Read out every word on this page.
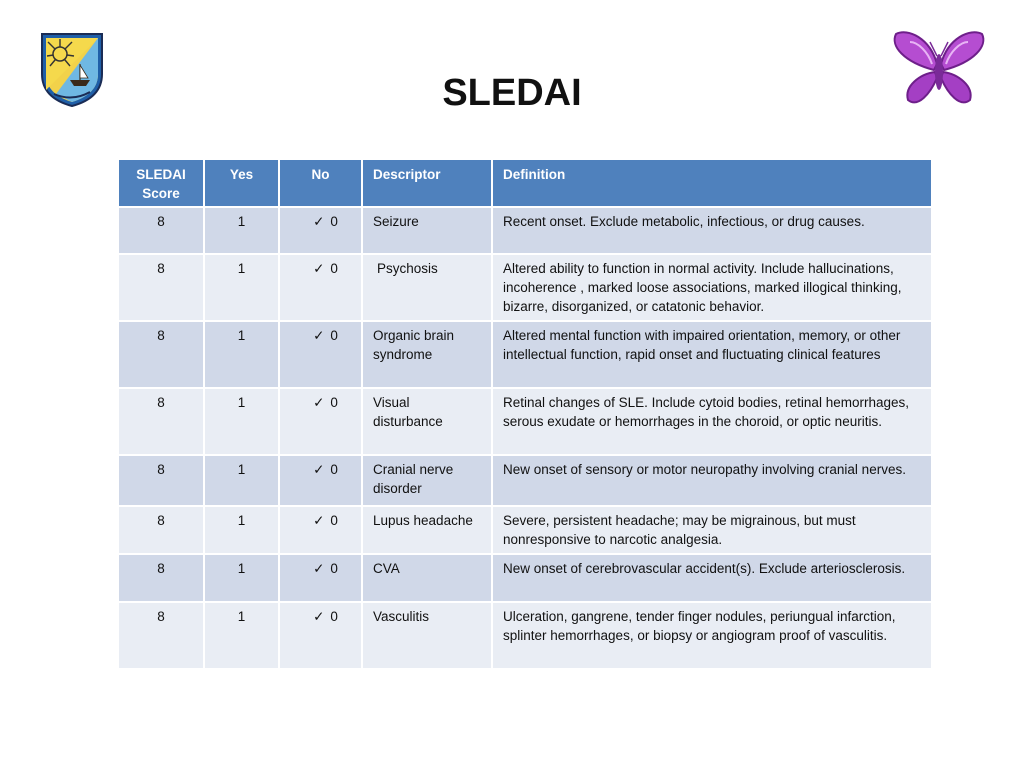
SLEDAI
SLEDAI Score	Yes	No	Descriptor	Definition
8	1	✓ 0	Seizure	Recent onset. Exclude metabolic, infectious, or drug causes.
8	1	✓ 0	Psychosis	Altered ability to function in normal activity. Include hallucinations, incoherence , marked loose associations, marked illogical thinking, bizarre, disorganized, or catatonic behavior.
8	1	✓ 0	Organic brain syndrome	Altered mental function with impaired orientation, memory, or other intellectual function, rapid onset and fluctuating clinical features
8	1	✓ 0	Visual disturbance	Retinal changes of SLE. Include cytoid bodies, retinal hemorrhages, serous exudate or hemorrhages in the choroid, or optic neuritis.
8	1	✓ 0	Cranial nerve disorder	New onset of sensory or motor neuropathy involving cranial nerves.
8	1	✓ 0	Lupus headache	Severe, persistent headache; may be migrainous, but must nonresponsive to narcotic analgesia.
8	1	✓ 0	CVA	New onset of cerebrovascular accident(s). Exclude arteriosclerosis.
8	1	✓ 0	Vasculitis	Ulceration, gangrene, tender finger nodules, periungual infarction, splinter hemorrhages, or biopsy or angiogram proof of vasculitis.
